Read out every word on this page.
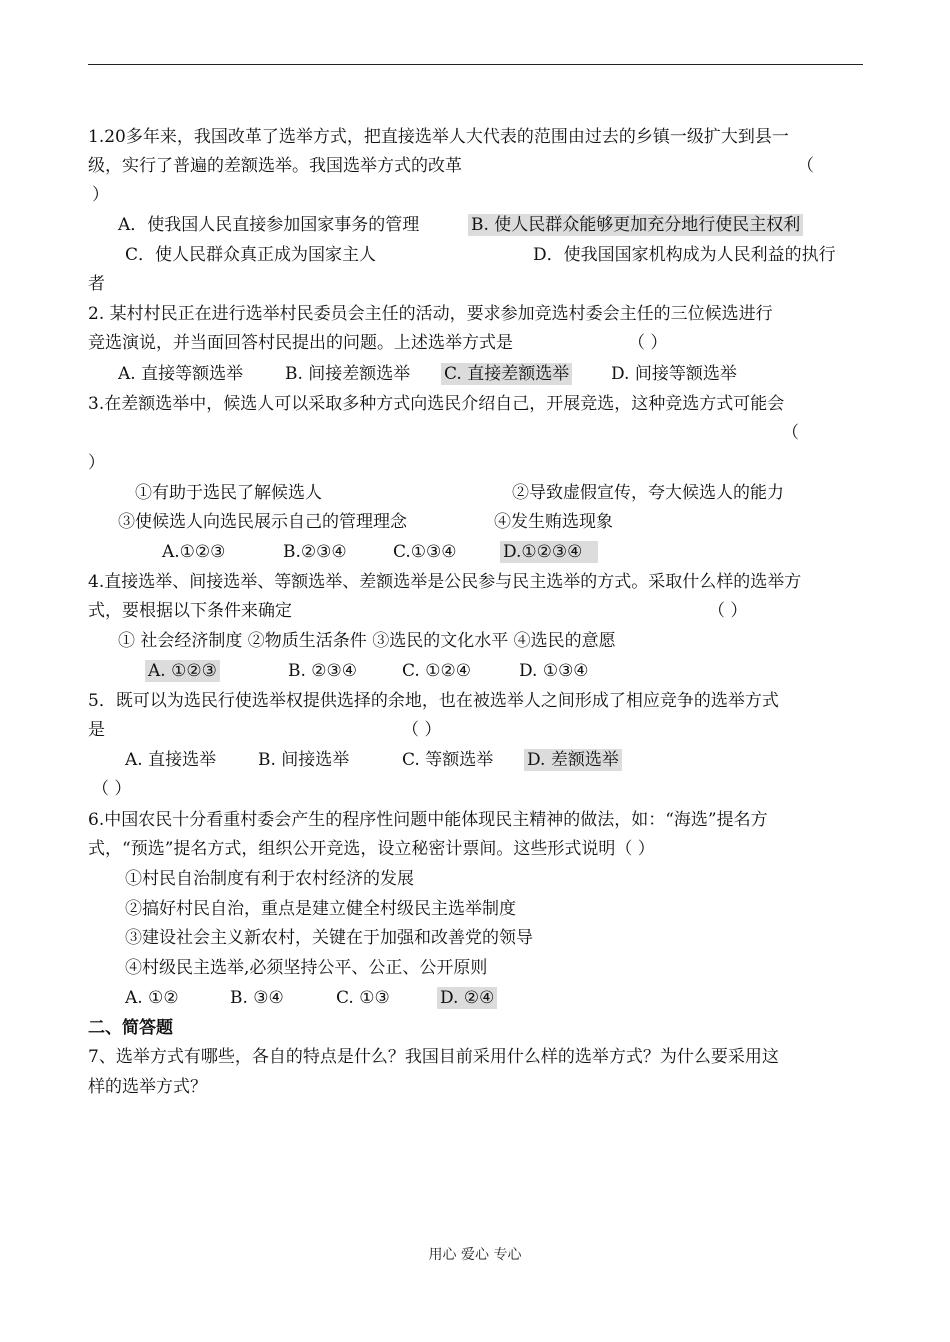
1.20多年来，我国改革了选举方式，把直接选举人大代表的范围由过去的乡镇一级扩大到县一
级，实行了普遍的差额选举。我国选举方式的改革	（
）
A．使我国人民直接参加国家事务的管理	B. 使人民群众能够更加充分地行使民主权利
C．使人民群众真正成为国家主人	D．使我国国家机构成为人民利益的执行
者
2. 某村村民正在进行选举村民委员会主任的活动，要求参加竞选村委会主任的三位候选进行
竞选演说，并当面回答村民提出的问题。上述选举方式是	（ ）
A. 直接等额选举 B. 间接差额选举 C. 直接差额选举 D. 间接等额选举
3.在差额选举中，候选人可以采取多种方式向选民介绍自己，开展竞选，这种竞选方式可能会
（
）
①有助于选民了解候选人	②导致虚假宣传，夸大候选人的能力
③使候选人向选民展示自己的管理理念	④发生贿选现象
A.①②③	B.②③④	C.①③④	D.①②③④
4.直接选举、间接选举、等额选举、差额选举是公民参与民主选举的方式。采取什么样的选举方
式，要根据以下条件来确定	（ ）
① 社会经济制度 ②物质生活条件 ③选民的文化水平 ④选民的意愿
A. ①②③	B. ②③④	C. ①②④	D. ①③④
5．既可以为选民行使选举权提供选择的余地，也在被选举人之间形成了相应竞争的选举方式
是	（ ）
A. 直接选举 B. 间接选举	C. 等额选举 D. 差额选举
（ ）
6.中国农民十分看重村委会产生的程序性问题中能体现民主精神的做法，如：“海选”提名方
式，“预选”提名方式，组织公开竞选，设立秘密计票间。这些形式说明（ ）
①村民自治制度有利于农村经济的发展
②搞好村民自治，重点是建立健全村级民主选举制度
③建设社会主义新农村，关键在于加强和改善党的领导
④村级民主选举,必须坚持公平、公正、公开原则
A. ①②	B. ③④	C. ①③	D. ②④
二、简答题
7、选举方式有哪些，各自的特点是什么？我国目前采用什么样的选举方式？为什么要采用这
样的选举方式？
用心 爱心 专心
